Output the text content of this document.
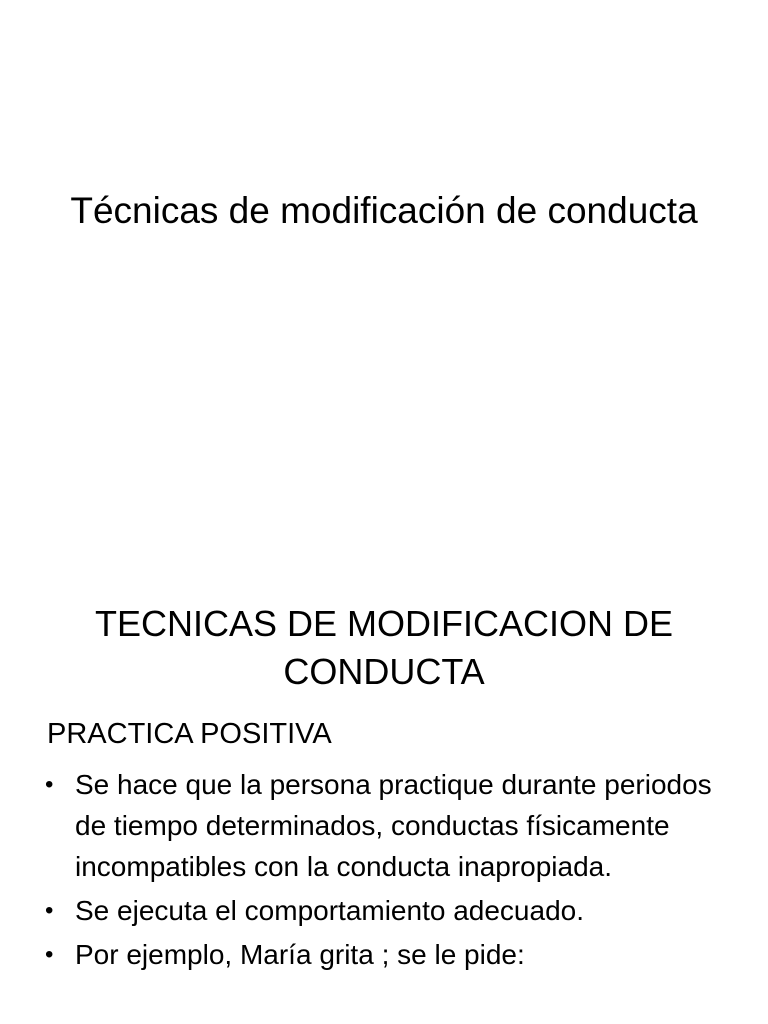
Técnicas de modificación de conducta
TECNICAS DE MODIFICACION DE CONDUCTA

PRACTICA POSITIVA

• Se hace que la persona practique durante periodos de tiempo determinados, conductas físicamente incompatibles con la conducta inapropiada.
• Se ejecuta el comportamiento adecuado.
• Por ejemplo, María grita ; se le pide:
